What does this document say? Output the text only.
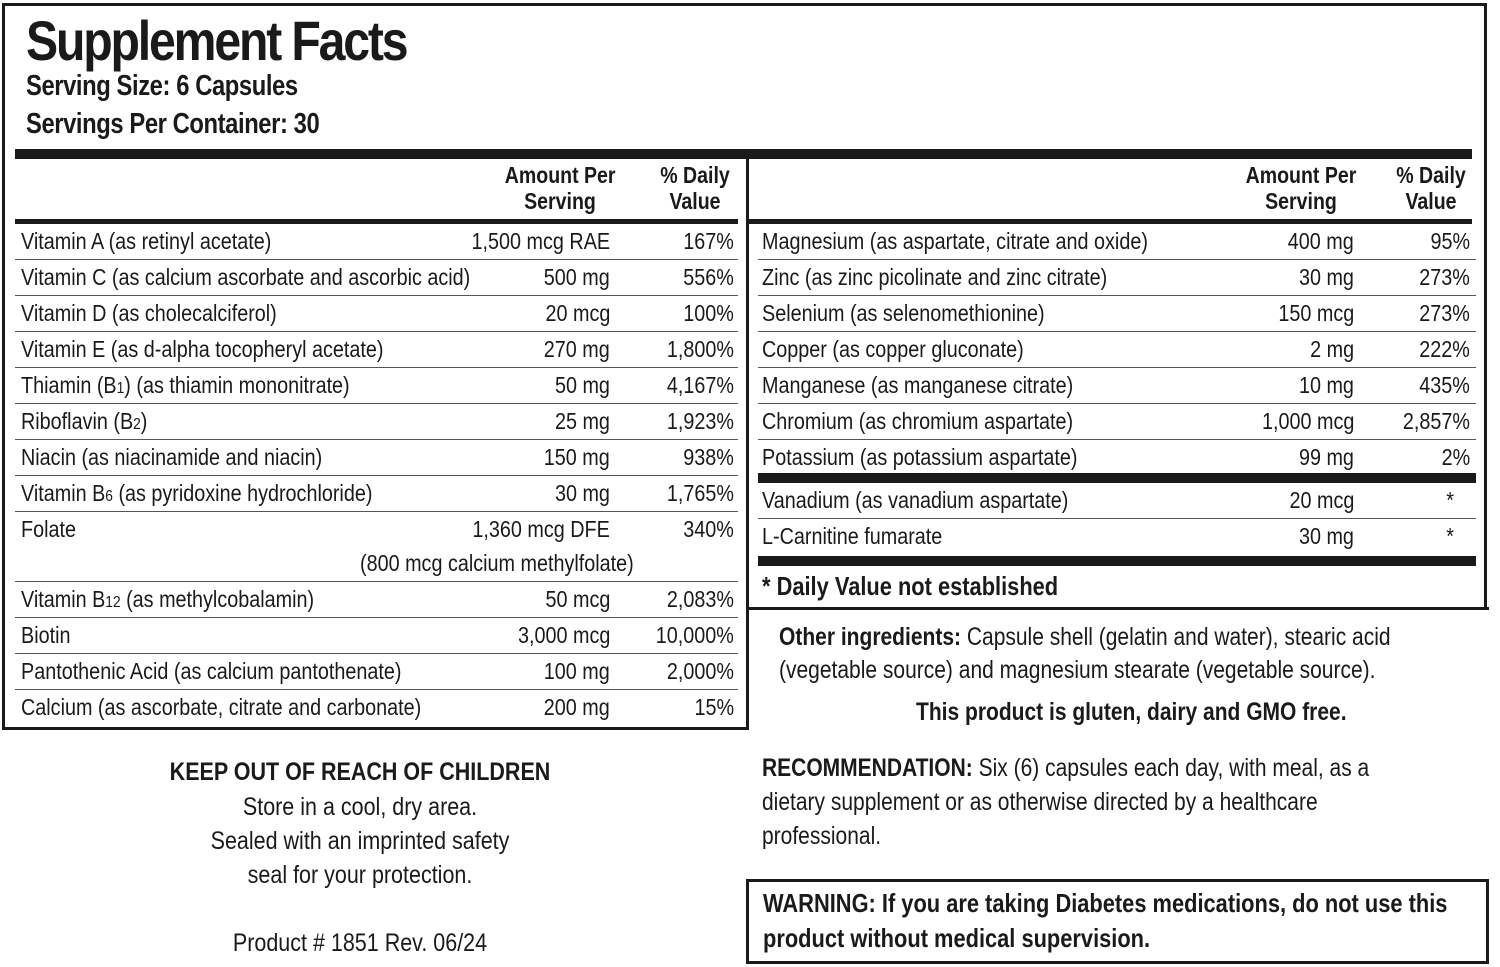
Supplement Facts
Serving Size: 6 Capsules
Servings Per Container: 30
Amount Per
Serving
% Daily
Value
Vitamin A (as retinyl acetate)	1,500 mcg RAE	167%
Vitamin C (as calcium ascorbate and ascorbic acid)	500 mg	556%
Vitamin D (as cholecalciferol)	20 mcg	100%
Vitamin E (as d-alpha tocopheryl acetate)	270 mg 1,800%
Thiamin (B1) (as thiamin mononitrate)	50 mg 4,167%
Riboflavin (B2)	25 mg 1,923%
Niacin (as niacinamide and niacin)	150 mg	938%
Vitamin B6 (as pyridoxine hydrochloride)	30 mg 1,765%
Folate	1,360 mcg DFE	340%
(800 mcg calcium methylfolate)
Vitamin B12 (as methylcobalamin)	50 mcg 2,083%
Biotin	3,000 mcg 10,000%
Pantothenic Acid (as calcium pantothenate)	100 mg 2,000%
Calcium (as ascorbate, citrate and carbonate)	200 mg	15%
Amount Per
Serving
% Daily
Value
Magnesium (as aspartate, citrate and oxide)	400 mg	95%
Zinc (as zinc picolinate and zinc citrate)	30 mg	273%
Selenium (as selenomethionine)	150 mcg	273%
Copper (as copper gluconate)	2 mg	222%
Manganese (as manganese citrate)	10 mg	435%
Chromium (as chromium aspartate)	1,000 mcg 2,857%
Potassium (as potassium aspartate)	99 mg	2%
Vanadium (as vanadium aspartate)	20 mcg	*
L-Carnitine fumarate	30 mg	*
* Daily Value not established
Other ingredients: Capsule shell (gelatin and water), stearic acid (vegetable source) and magnesium stearate (vegetable source).
This product is gluten, dairy and GMO free.
RECOMMENDATION: Six (6) capsules each day, with meal, as a dietary supplement or as otherwise directed by a healthcare professional.
WARNING: If you are taking Diabetes medications, do not use this product without medical supervision.
KEEP OUT OF REACH OF CHILDREN
Store in a cool, dry area.
Sealed with an imprinted safety
seal for your protection.
Product # 1851 Rev. 06/24
